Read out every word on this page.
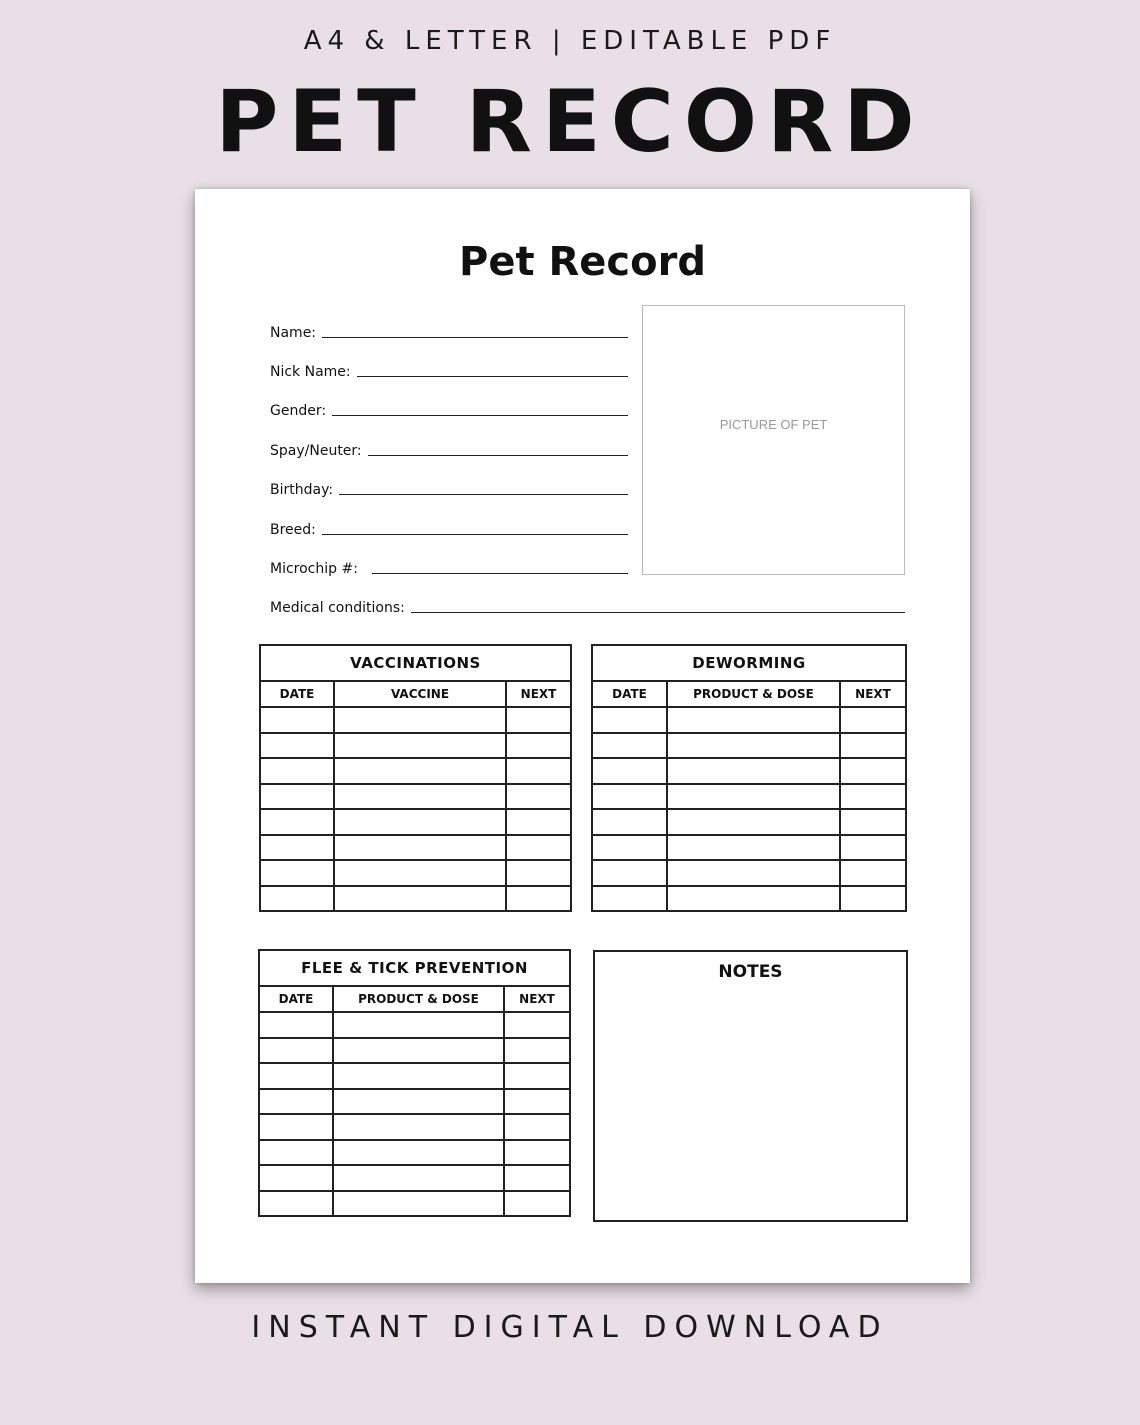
A4 & LETTER | EDITABLE PDF
PET RECORD
Pet Record
Name:
Nick Name:
Gender:
Spay/Neuter:
Birthday:
Breed:
Microchip #:
Medical conditions:
PICTURE OF PET
VACCINATIONS		
DATE	VACCINE	NEXT

DEWORMING		
DATE	PRODUCT & DOSE	NEXT

FLEE & TICK PREVENTION		
DATE	PRODUCT & DOSE	NEXT

NOTES
INSTANT DIGITAL DOWNLOAD
